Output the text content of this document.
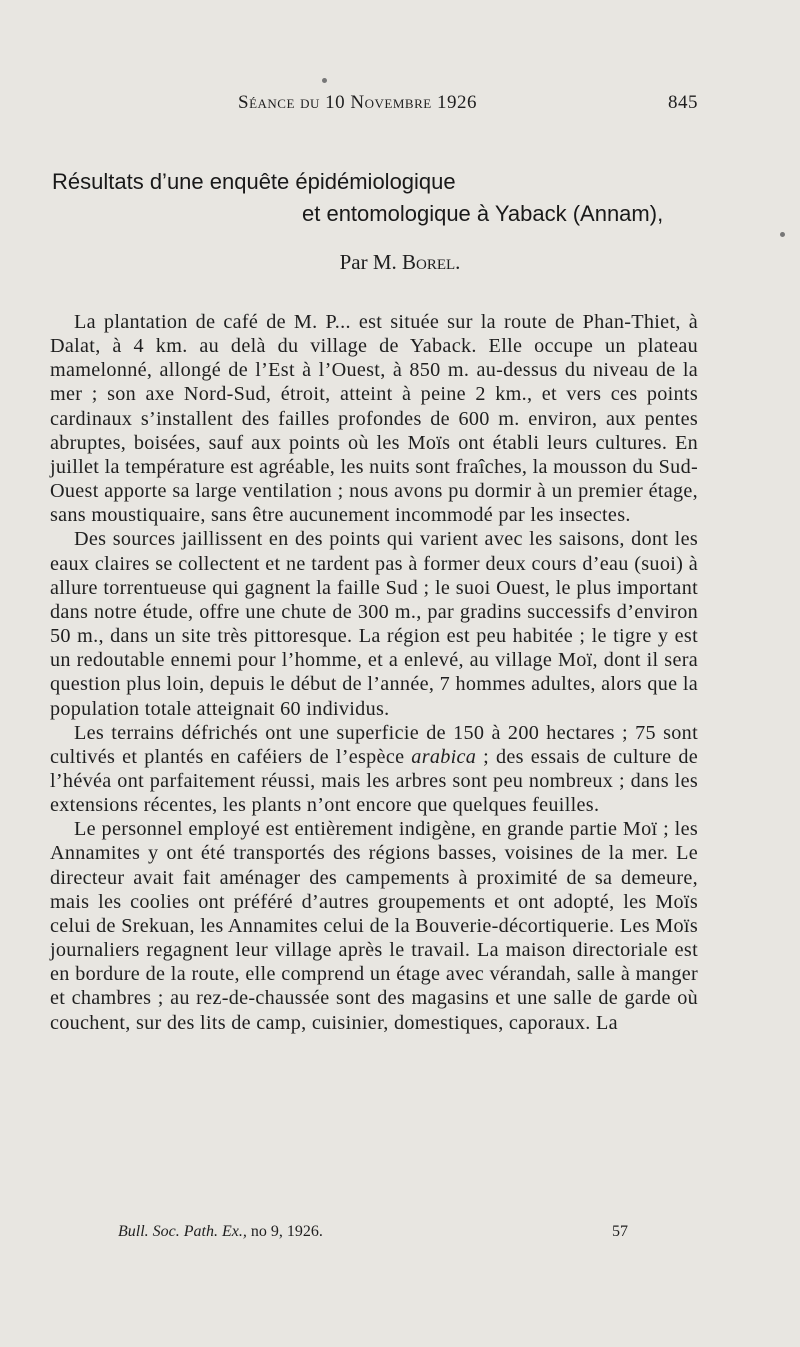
Séance du 10 Novembre 1926	845
Résultats d’une enquête épidémiologique
et entomologique à Yaback (Annam),
Par M. Borel.

La plantation de café de M. P... est située sur la route de Phan-Thiet, à Dalat, à 4 km. au delà du village de Yaback. Elle occupe un plateau mamelonné, allongé de l’Est à l’Ouest, à 850 m. au-dessus du niveau de la mer ; son axe Nord-Sud, étroit, atteint à peine 2 km., et vers ces points cardinaux s’installent des failles profondes de 600 m. environ, aux pentes abruptes, boisées, sauf aux points où les Moïs ont établi leurs cultures. En juillet la température est agréable, les nuits sont fraîches, la mousson du Sud-Ouest apporte sa large ventilation ; nous avons pu dormir à un premier étage, sans moustiquaire, sans être aucunement incommodé par les insectes.

Des sources jaillissent en des points qui varient avec les saisons, dont les eaux claires se collectent et ne tardent pas à former deux cours d’eau (suoi) à allure torrentueuse qui gagnent la faille Sud ; le suoi Ouest, le plus important dans notre étude, offre une chute de 300 m., par gradins successifs d’environ 50 m., dans un site très pittoresque. La région est peu habitée ; le tigre y est un redoutable ennemi pour l’homme, et a enlevé, au village Moï, dont il sera question plus loin, depuis le début de l’année, 7 hommes adultes, alors que la population totale atteignait 60 individus.

Les terrains défrichés ont une superficie de 150 à 200 hectares ; 75 sont cultivés et plantés en caféiers de l’espèce arabica ; des essais de culture de l’hévéa ont parfaitement réussi, mais les arbres sont peu nombreux ; dans les extensions récentes, les plants n’ont encore que quelques feuilles.

Le personnel employé est entièrement indigène, en grande partie Moï ; les Annamites y ont été transportés des régions basses, voisines de la mer. Le directeur avait fait aménager des campements à proximité de sa demeure, mais les coolies ont préféré d’autres groupements et ont adopté, les Moïs celui de Srekuan, les Annamites celui de la Bouverie-décortiquerie. Les Moïs journaliers regagnent leur village après le travail. La maison directoriale est en bordure de la route, elle comprend un étage avec vérandah, salle à manger et chambres ; au rez-de-chaussée sont des magasins et une salle de garde où couchent, sur des lits de camp, cuisinier, domestiques, caporaux. La

Bull. Soc. Path. Ex., no 9, 1926.	57
